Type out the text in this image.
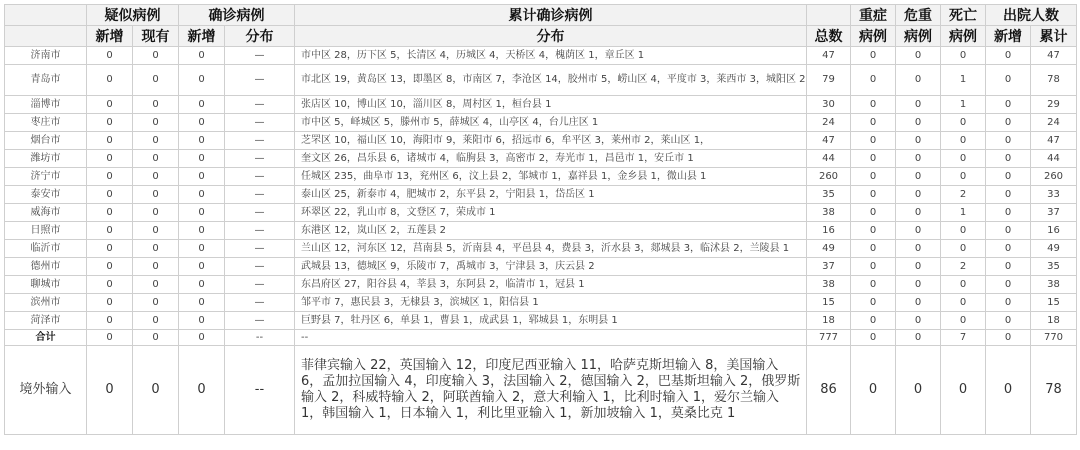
	疑似病例		确诊病例		累计确诊病例		重症	危重	死亡	出院人数	
	新增	现有	新增	分布	分布	总数	病例	病例	病例	新增	累计
济南市	0	0	0	—	市中区 28，历下区 5，长清区 4，历城区 4，天桥区 4，槐荫区 1，章丘区 1	47	0	0	0	0	47
青岛市	0	0	0	—	市北区 19，黄岛区 13，即墨区 8，市南区 7，李沧区 14，胶州市 5，崂山区 4，平度市 3，莱西市 3，城阳区 2	79	0	0	1	0	78
淄博市	0	0	0	—	张店区 10，博山区 10，淄川区 8，周村区 1，桓台县 1	30	0	0	1	0	29
枣庄市	0	0	0	—	市中区 5，峄城区 5，滕州市 5，薛城区 4，山亭区 4，台儿庄区 1	24	0	0	0	0	24
烟台市	0	0	0	—	芝罘区 10，福山区 10，海阳市 9，莱阳市 6，招远市 6，牟平区 3，莱州市 2，莱山区 1，	47	0	0	0	0	47
潍坊市	0	0	0	—	奎文区 26，昌乐县 6，诸城市 4，临朐县 3，高密市 2，寿光市 1，昌邑市 1，安丘市 1	44	0	0	0	0	44
济宁市	0	0	0	—	任城区 235，曲阜市 13，兖州区 6，汶上县 2，邹城市 1，嘉祥县 1，金乡县 1，微山县 1	260	0	0	0	0	260
泰安市	0	0	0	—	泰山区 25，新泰市 4，肥城市 2，东平县 2，宁阳县 1，岱岳区 1	35	0	0	2	0	33
威海市	0	0	0	—	环翠区 22，乳山市 8，文登区 7，荣成市 1	38	0	0	1	0	37
日照市	0	0	0	—	东港区 12，岚山区 2，五莲县 2	16	0	0	0	0	16
临沂市	0	0	0	—	兰山区 12，河东区 12，莒南县 5，沂南县 4，平邑县 4，费县 3，沂水县 3，郯城县 3，临沭县 2，兰陵县 1	49	0	0	0	0	49
德州市	0	0	0	—	武城县 13，德城区 9，乐陵市 7，禹城市 3，宁津县 3，庆云县 2	37	0	0	2	0	35
聊城市	0	0	0	—	东昌府区 27，阳谷县 4，莘县 3，东阿县 2，临清市 1，冠县 1	38	0	0	0	0	38
滨州市	0	0	0	—	邹平市 7，惠民县 3，无棣县 3，滨城区 1，阳信县 1	15	0	0	0	0	15
菏泽市	0	0	0	—	巨野县 7，牡丹区 6，单县 1，曹县 1，成武县 1，郓城县 1，东明县 1	18	0	0	0	0	18
合计	0	0	0	--	--	777	0	0	7	0	770
境外输入	0	0	0	--	菲律宾输入 22，英国输入 12，印度尼西亚输入 11，哈萨克斯坦输入 8，美国输入 6，孟加拉国输入 4，印度输入 3，法国输入 2，德国输入 2，巴基斯坦输入 2，俄罗斯输入 2，科威特输入 2，阿联酋输入 2，意大利输入 1，比利时输入 1，爱尔兰输入 1，韩国输入 1，日本输入 1，利比里亚输入 1，新加坡输入 1，莫桑比克 1	86	0	0	0	0	78
